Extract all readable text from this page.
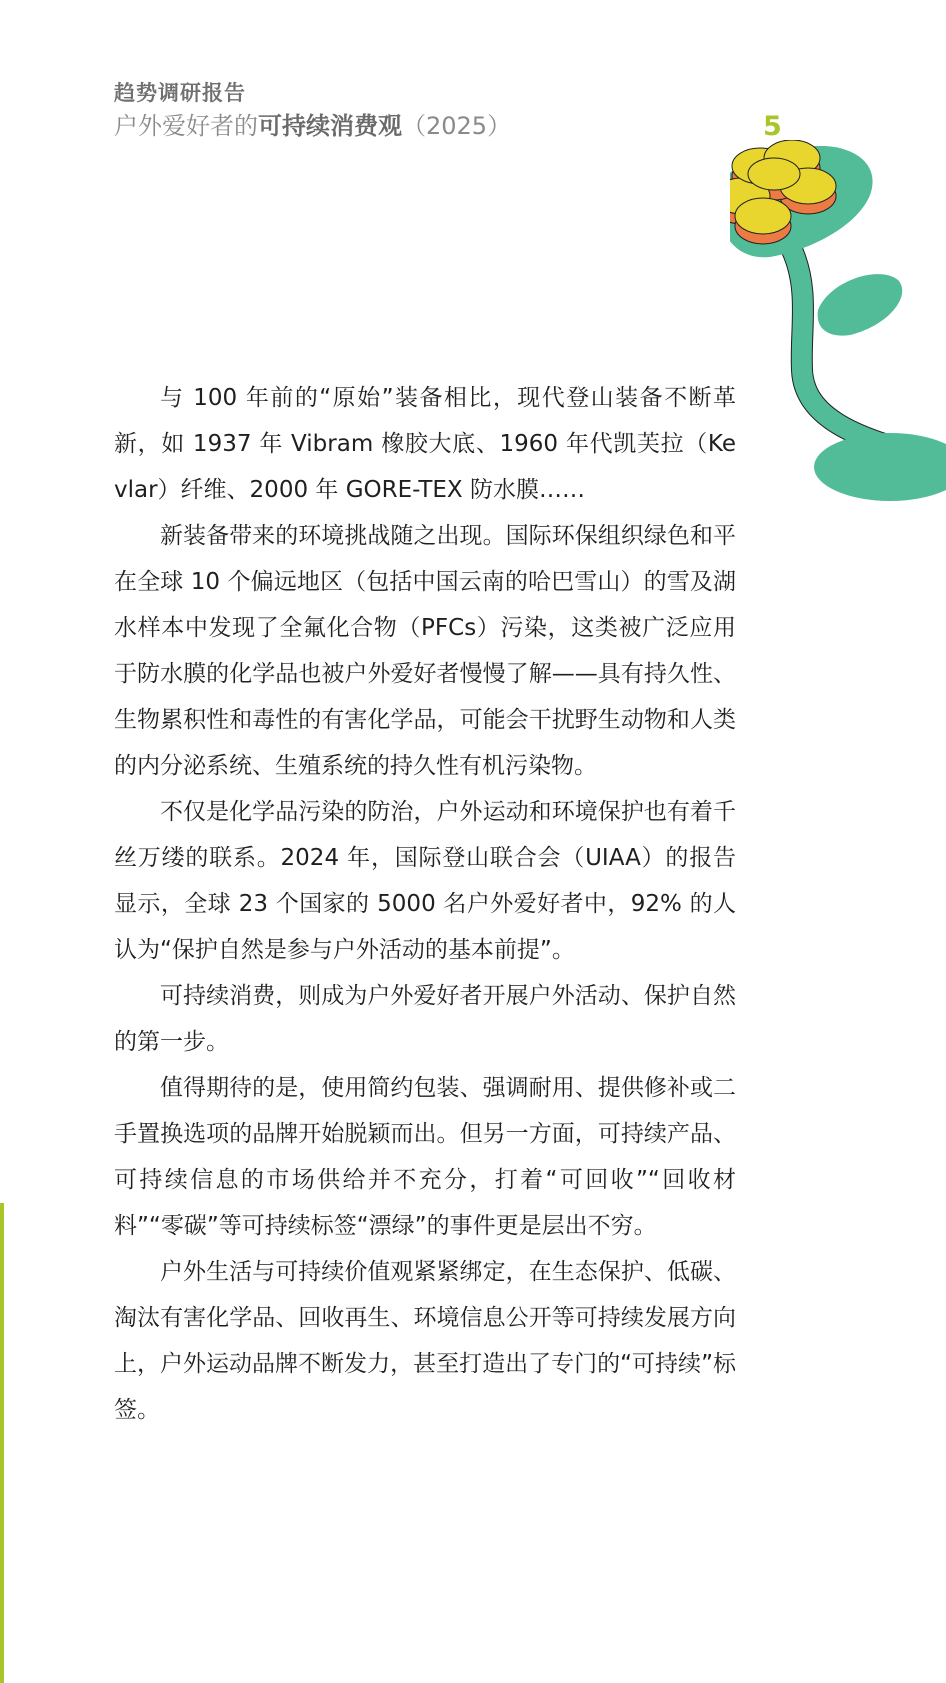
趋势调研报告
户外爱好者的可持续消费观（2025）	5

与 100 年前的“原始”装备相比，现代登山装备不断革新，如 1937 年 Vibram 橡胶大底、1960 年代凯芙拉（Kevlar）纤维、2000 年 GORE-TEX 防水膜……

新装备带来的环境挑战随之出现。国际环保组织绿色和平在全球 10 个偏远地区（包括中国云南的哈巴雪山）的雪及湖水样本中发现了全氟化合物（PFCs）污染，这类被广泛应用于防水膜的化学品也被户外爱好者慢慢了解——具有持久性、生物累积性和毒性的有害化学品，可能会干扰野生动物和人类的内分泌系统、生殖系统的持久性有机污染物。

不仅是化学品污染的防治，户外运动和环境保护也有着千丝万缕的联系。2024 年，国际登山联合会（UIAA）的报告显示，全球 23 个国家的 5000 名户外爱好者中，92% 的人认为“保护自然是参与户外活动的基本前提”。

可持续消费，则成为户外爱好者开展户外活动、保护自然的第一步。

值得期待的是，使用简约包装、强调耐用、提供修补或二手置换选项的品牌开始脱颖而出。但另一方面，可持续产品、可持续信息的市场供给并不充分，打着“可回收”“回收材料”“零碳”等可持续标签“漂绿”的事件更是层出不穷。

户外生活与可持续价值观紧紧绑定，在生态保护、低碳、淘汰有害化学品、回收再生、环境信息公开等可持续发展方向上，户外运动品牌不断发力，甚至打造出了专门的“可持续”标签。
